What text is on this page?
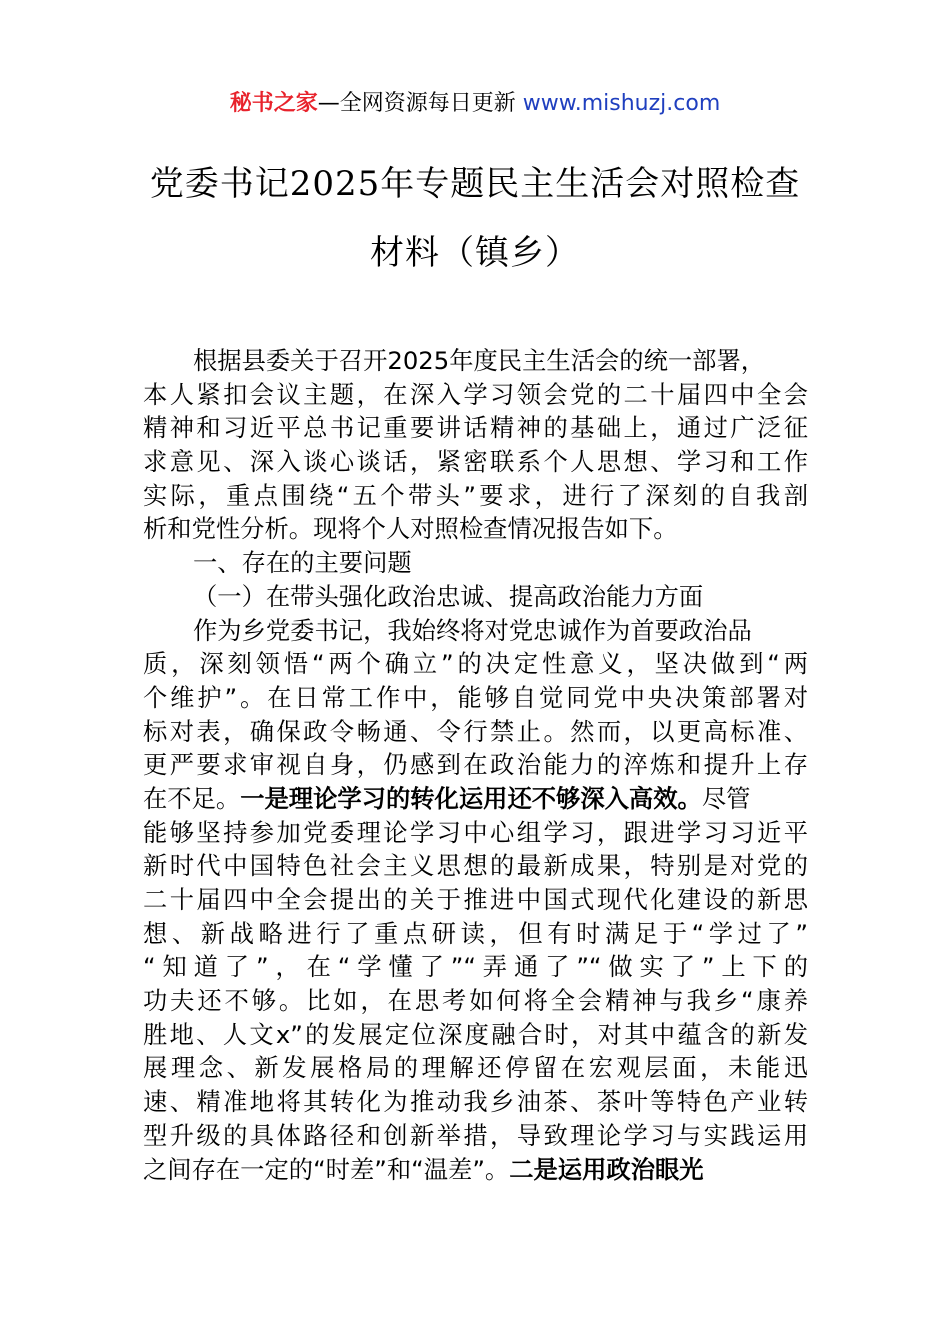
秘书之家—全网资源每日更新 www.mishuzj.com
党委书记2025年专题民主生活会对照检查
材料（镇乡）
根据县委关于召开2025年度民主生活会的统一部署，
本人紧扣会议主题，在深入学习领会党的二十届四中全会
精神和习近平总书记重要讲话精神的基础上，通过广泛征
求意见、深入谈心谈话，紧密联系个人思想、学习和工作
实际，重点围绕“五个带头”要求，进行了深刻的自我剖
析和党性分析。现将个人对照检查情况报告如下。
一、存在的主要问题
（一）在带头强化政治忠诚、提高政治能力方面
作为乡党委书记，我始终将对党忠诚作为首要政治品
质，深刻领悟“两个确立”的决定性意义，坚决做到“两
个维护”。在日常工作中，能够自觉同党中央决策部署对
标对表，确保政令畅通、令行禁止。然而，以更高标准、
更严要求审视自身，仍感到在政治能力的淬炼和提升上存
在不足。一是理论学习的转化运用还不够深入高效。尽管
能够坚持参加党委理论学习中心组学习，跟进学习习近平
新时代中国特色社会主义思想的最新成果，特别是对党的
二十届四中全会提出的关于推进中国式现代化建设的新思
想、新战略进行了重点研读，但有时满足于“学过了”
“知道了”，在“学懂了”“弄通了”“做实了”上下的
功夫还不够。比如，在思考如何将全会精神与我乡“康养
胜地、人文x”的发展定位深度融合时，对其中蕴含的新发
展理念、新发展格局的理解还停留在宏观层面，未能迅
速、精准地将其转化为推动我乡油茶、茶叶等特色产业转
型升级的具体路径和创新举措，导致理论学习与实践运用
之间存在一定的“时差”和“温差”。二是运用政治眼光
